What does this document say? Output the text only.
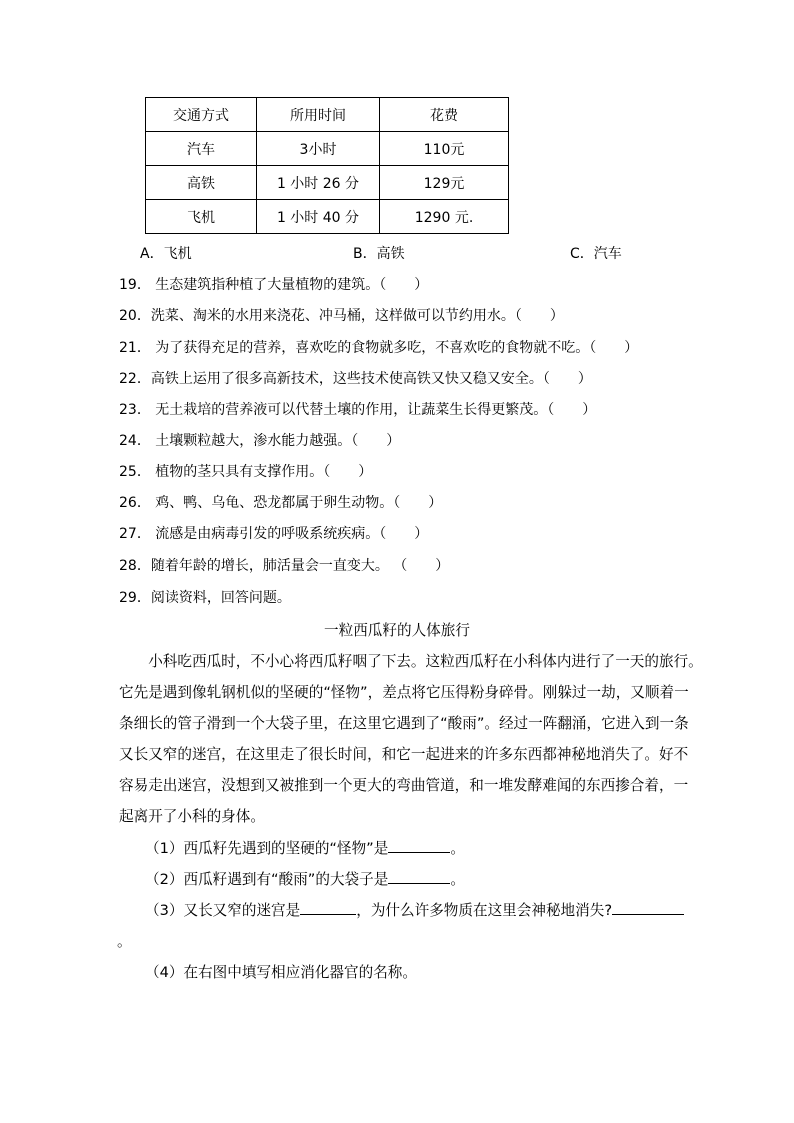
交通方式	所用时间	花费
汽车	3小时	110元
高铁	1 小时 26 分	129元
飞机	1 小时 40 分	1290 元.
A．飞机	B．高铁	C．汽车
19． 生态建筑指种植了大量植物的建筑。（　　）
20．洗菜、淘米的水用来浇花、冲马桶，这样做可以节约用水。（　　）
21． 为了获得充足的营养，喜欢吃的食物就多吃，不喜欢吃的食物就不吃。（　　）
22．高铁上运用了很多高新技术，这些技术使高铁又快又稳又安全。（　　）
23． 无土栽培的营养液可以代替土壤的作用，让蔬菜生长得更繁茂。（　　）
24． 土壤颗粒越大，渗水能力越强。（　　）
25． 植物的茎只具有支撑作用。（　　）
26． 鸡、鸭、乌龟、恐龙都属于卵生动物。（　　）
27． 流感是由病毒引发的呼吸系统疾病。（　　）
28．随着年龄的增长，肺活量会一直变大。 （　　）
29．阅读资料，回答问题。
一粒西瓜籽的人体旅行
　　小科吃西瓜时，不小心将西瓜籽咽了下去。这粒西瓜籽在小科体内进行了一天的旅行。
它先是遇到像轧钢机似的坚硬的“怪物”，差点将它压得粉身碎骨。刚躲过一劫，又顺着一
条细长的管子滑到一个大袋子里，在这里它遇到了“酸雨”。经过一阵翻涌，它进入到一条
又长又窄的迷宫，在这里走了很长时间，和它一起进来的许多东西都神秘地消失了。好不
容易走出迷宫，没想到又被推到一个更大的弯曲管道，和一堆发酵难闻的东西掺合着，一
起离开了小科的身体。
（1）西瓜籽先遇到的坚硬的“怪物”是	。
（2）西瓜籽遇到有“酸雨”的大袋子是	。
（3）又长又窄的迷宫是	，为什么许多物质在这里会神秘地消失?
。
（4）在右图中填写相应消化器官的名称。
